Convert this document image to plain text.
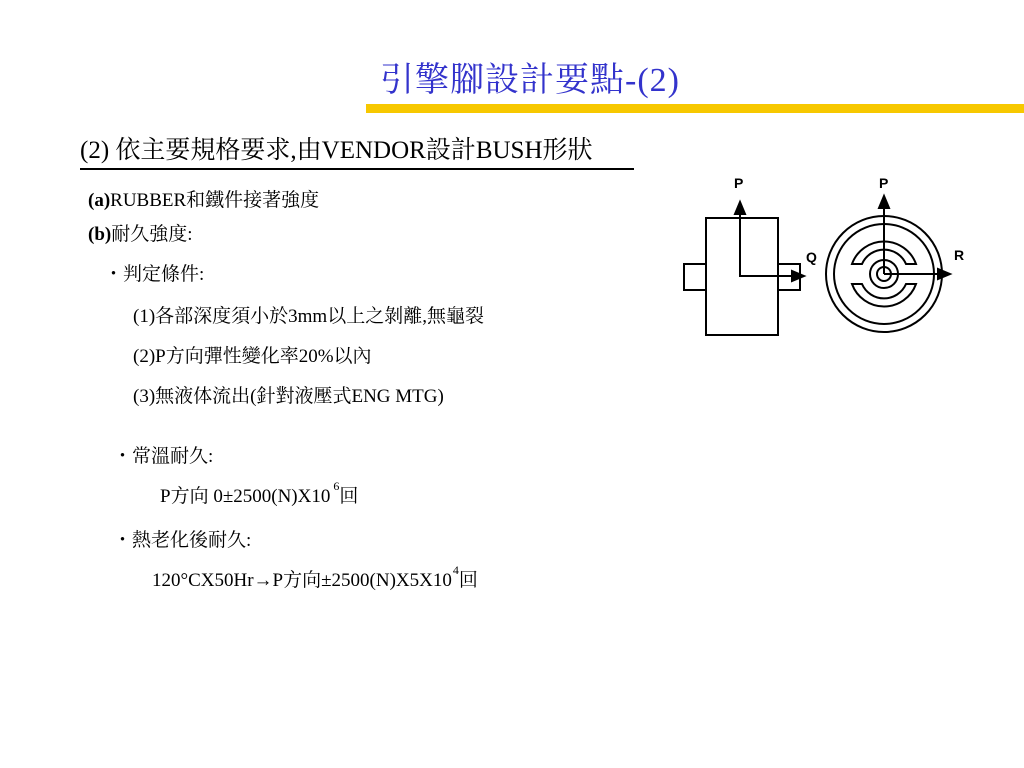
引擎腳設計要點-(2)
(2) 依主要規格要求,由VENDOR設計BUSH形狀
(a)RUBBER和鐵件接著強度
(b)耐久強度:
・判定條件:
(1)各部深度須小於3mm以上之剝離,無龜裂
(2)P方向彈性變化率20%以內
(3)無液体流出(針對液壓式ENG MTG)
・常溫耐久:
P方向 0±2500(N)X10 $^6$回
・熱老化後耐久:
120°CX50Hr→P方向$\pm 2500(N)X5X10^4$回
P
Q
P
R
